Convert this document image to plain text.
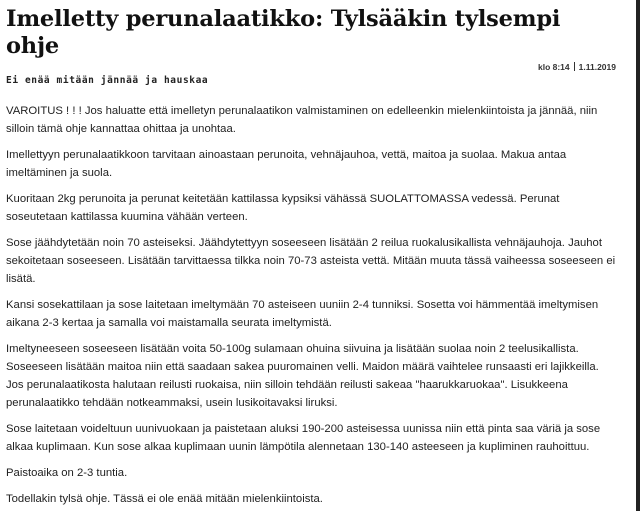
Imelletty perunalaatikko: Tylsääkin tylsempi ohje
Ei enää mitään jännää ja hauskaa
klo 8:14 1.11.2019

VAROITUS ! ! ! Jos haluatte että imelletyn perunalaatikon valmistaminen on edelleenkin mielenkiintoista ja jännää, niin silloin tämä ohje kannattaa ohittaa ja unohtaa.

Imellettyyn perunalaatikkoon tarvitaan ainoastaan perunoita, vehnäjauhoa, vettä, maitoa ja suolaa. Makua antaa imeltäminen ja suola.

Kuoritaan 2kg perunoita ja perunat keitetään kattilassa kypsiksi vähässä SUOLATTOMASSA vedessä. Perunat soseutetaan kattilassa kuumina vähään verteen.

Sose jäähdytetään noin 70 asteiseksi. Jäähdytettyyn soseeseen lisätään 2 reilua ruokalusikallista vehnäjauhoja. Jauhot sekoitetaan soseeseen. Lisätään tarvittaessa tilkka noin 70-73 asteista vettä. Mitään muuta tässä vaiheessa soseeseen ei lisätä.

Kansi sosekattilaan ja sose laitetaan imeltymään 70 asteiseen uuniin 2-4 tunniksi. Sosetta voi hämmentää imeltymisen aikana 2-3 kertaa ja samalla voi maistamalla seurata imeltymistä.

Imeltyneeseen soseeseen lisätään voita 50-100g sulamaan ohuina siivuina ja lisätään suolaa noin 2 teelusikallista. Soseeseen lisätään maitoa niin että saadaan sakea puuromainen velli. Maidon määrä vaihtelee runsaasti eri lajikkeilla. Jos perunalaatikosta halutaan reilusti ruokaisa, niin silloin tehdään reilusti sakeaa "haarukkaruokaa". Lisukkeena perunalaatikko tehdään notkeammaksi, usein lusikoitavaksi liruksi.

Sose laitetaan voideltuun uunivuokaan ja paistetaan aluksi 190-200 asteisessa uunissa niin että pinta saa väriä ja sose alkaa kuplimaan. Kun sose alkaa kuplimaan uunin lämpötila alennetaan 130-140 asteeseen ja kupliminen rauhoittuu.

Paistoaika on 2-3 tuntia.

Todellakin tylsä ohje. Tässä ei ole enää mitään mielenkiintoista.
